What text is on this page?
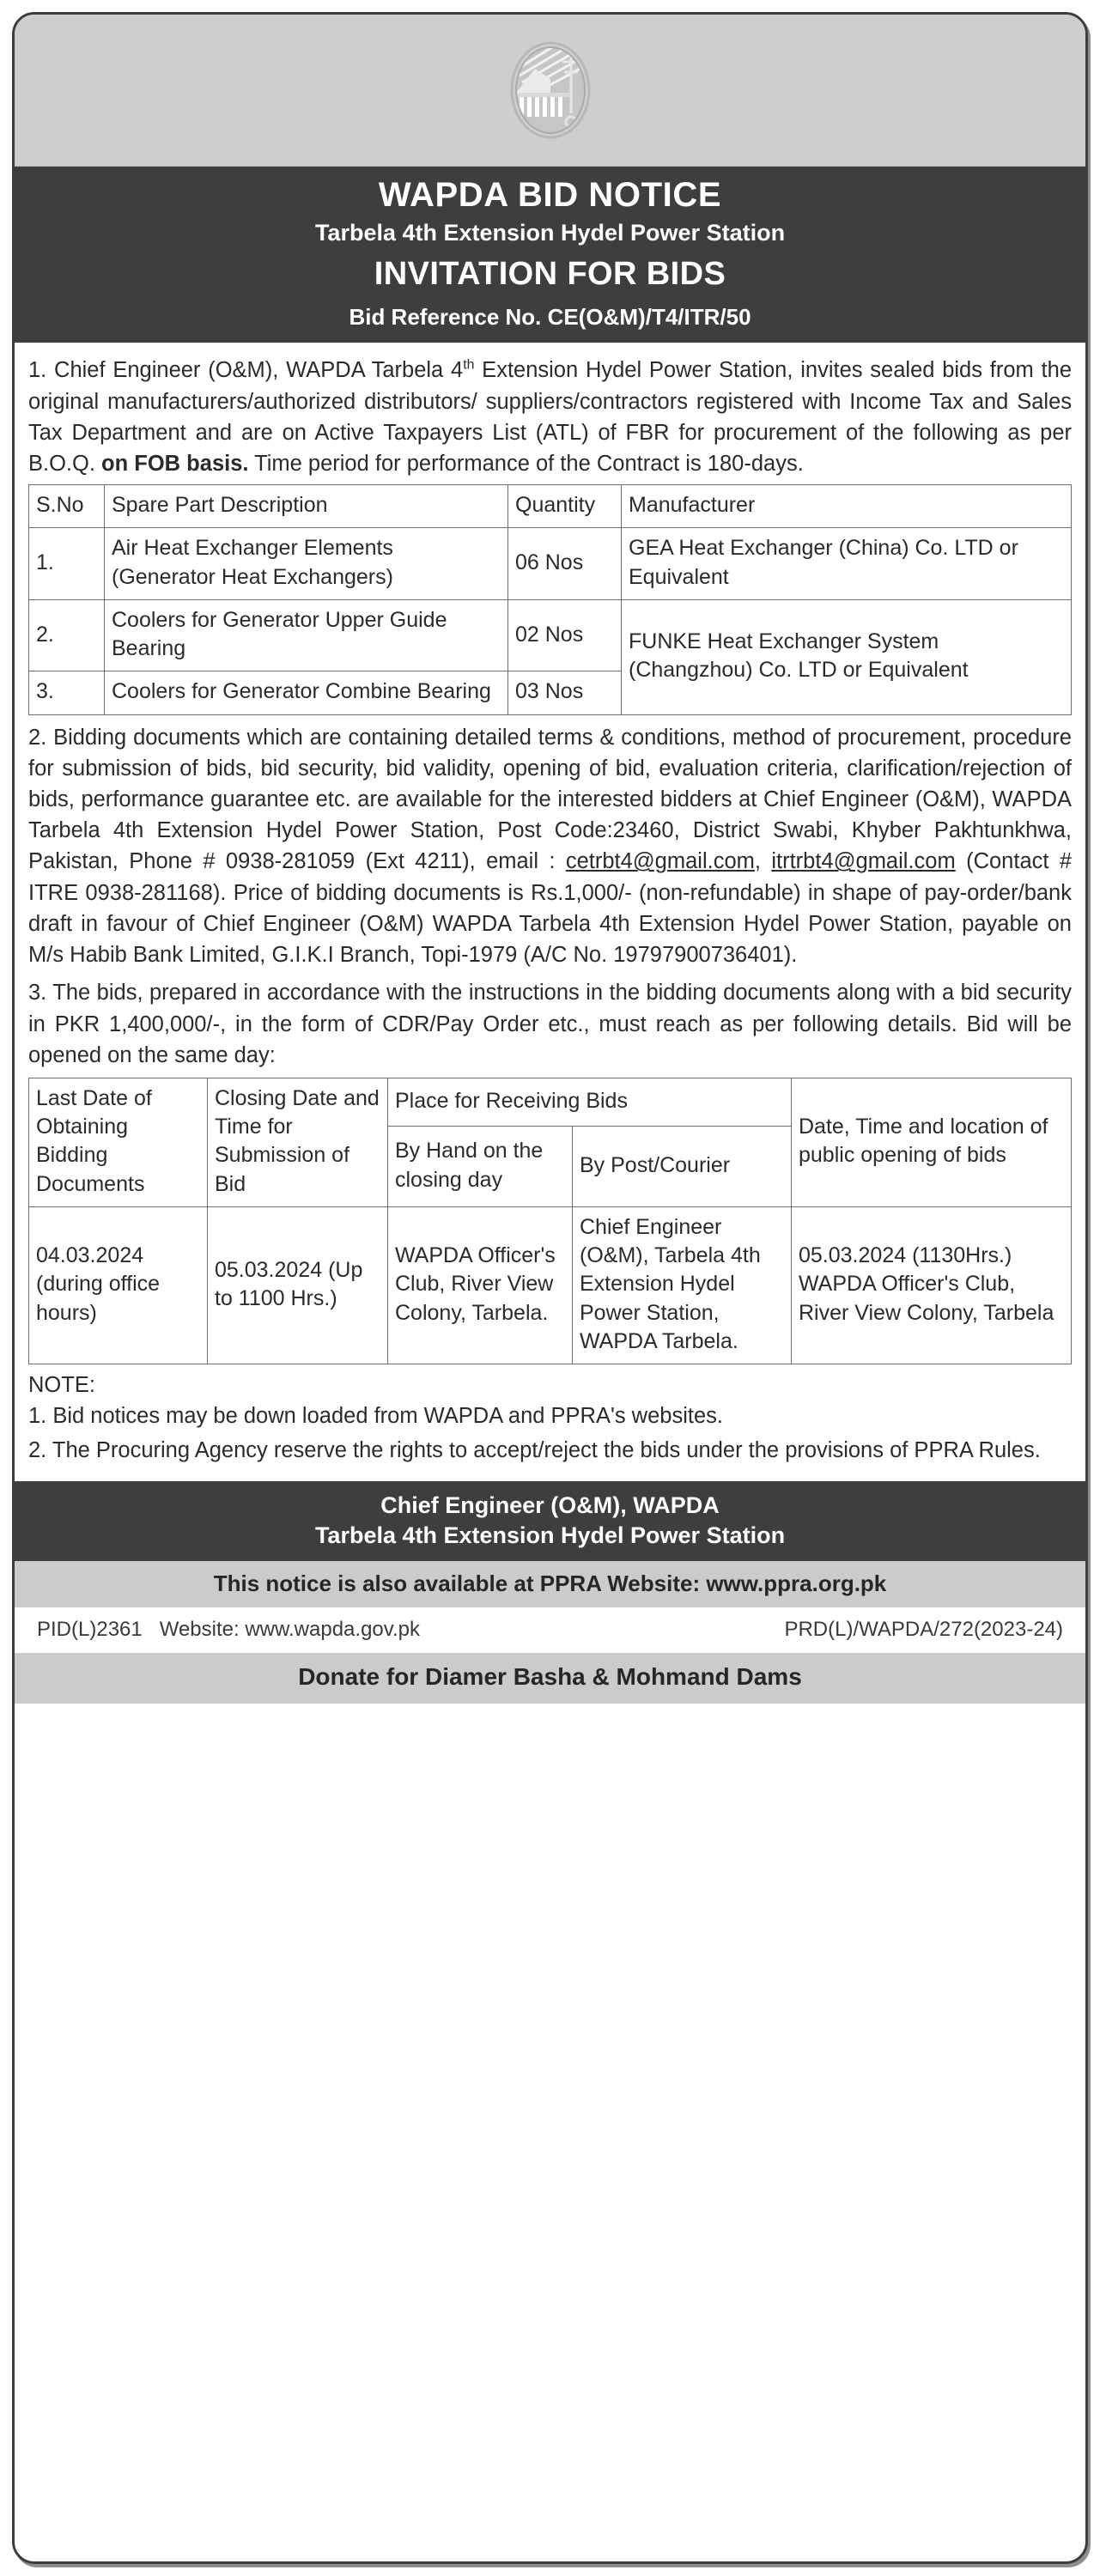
WAPDA BID NOTICE
Tarbela 4th Extension Hydel Power Station
INVITATION FOR BIDS
Bid Reference No. CE(O&M)/T4/ITR/50

1. Chief Engineer (O&M), WAPDA Tarbela 4th Extension Hydel Power Station, invites sealed bids from the original manufacturers/authorized distributors/ suppliers/contractors registered with Income Tax and Sales Tax Department and are on Active Taxpayers List (ATL) of FBR for procurement of the following as per B.O.Q. on FOB basis. Time period for performance of the Contract is 180-days.

S.No	Spare Part Description	Quantity	Manufacturer
1.	Air Heat Exchanger Elements (Generator Heat Exchangers)	06 Nos	GEA Heat Exchanger (China) Co. LTD or Equivalent
2.	Coolers for Generator Upper Guide Bearing	02 Nos	FUNKE Heat Exchanger System (Changzhou) Co. LTD or Equivalent
3.	Coolers for Generator Combine Bearing	03 Nos	

2. Bidding documents which are containing detailed terms & conditions, method of procurement, procedure for submission of bids, bid security, bid validity, opening of bid, evaluation criteria, clarification/rejection of bids, performance guarantee etc. are available for the interested bidders at Chief Engineer (O&M), WAPDA Tarbela 4th Extension Hydel Power Station, Post Code:23460, District Swabi, Khyber Pakhtunkhwa, Pakistan, Phone # 0938-281059 (Ext 4211), email : cetrbt4@gmail.com, itrtrbt4@gmail.com (Contact # ITRE 0938-281168). Price of bidding documents is Rs.1,000/- (non-refundable) in shape of pay-order/bank draft in favour of Chief Engineer (O&M) WAPDA Tarbela 4th Extension Hydel Power Station, payable on M/s Habib Bank Limited, G.I.K.I Branch, Topi-1979 (A/C No. 19797900736401).

3. The bids, prepared in accordance with the instructions in the bidding documents along with a bid security in PKR 1,400,000/-, in the form of CDR/Pay Order etc., must reach as per following details. Bid will be opened on the same day:

Last Date of Obtaining Bidding Documents	Closing Date and Time for Submission of Bid	Place for Receiving Bids		Date, Time and location of public opening of bids
		By Hand on the closing day	By Post/Courier	
04.03.2024 (during office hours)	05.03.2024 (Up to 1100 Hrs.)	WAPDA Officer's Club, River View Colony, Tarbela.	Chief Engineer (O&M), Tarbela 4th Extension Hydel Power Station, WAPDA Tarbela.	05.03.2024 (1130Hrs.) WAPDA Officer's Club, River View Colony, Tarbela
NOTE:
1. Bid notices may be down loaded from WAPDA and PPRA's websites.
2. The Procuring Agency reserve the rights to accept/reject the bids under the provisions of PPRA Rules.
Chief Engineer (O&M), WAPDA
Tarbela 4th Extension Hydel Power Station
This notice is also available at PPRA Website: www.ppra.org.pk
PID(L)2361 Website: www.wapda.gov.pk	PRD(L)/WAPDA/272(2023-24)
Donate for Diamer Basha & Mohmand Dams
